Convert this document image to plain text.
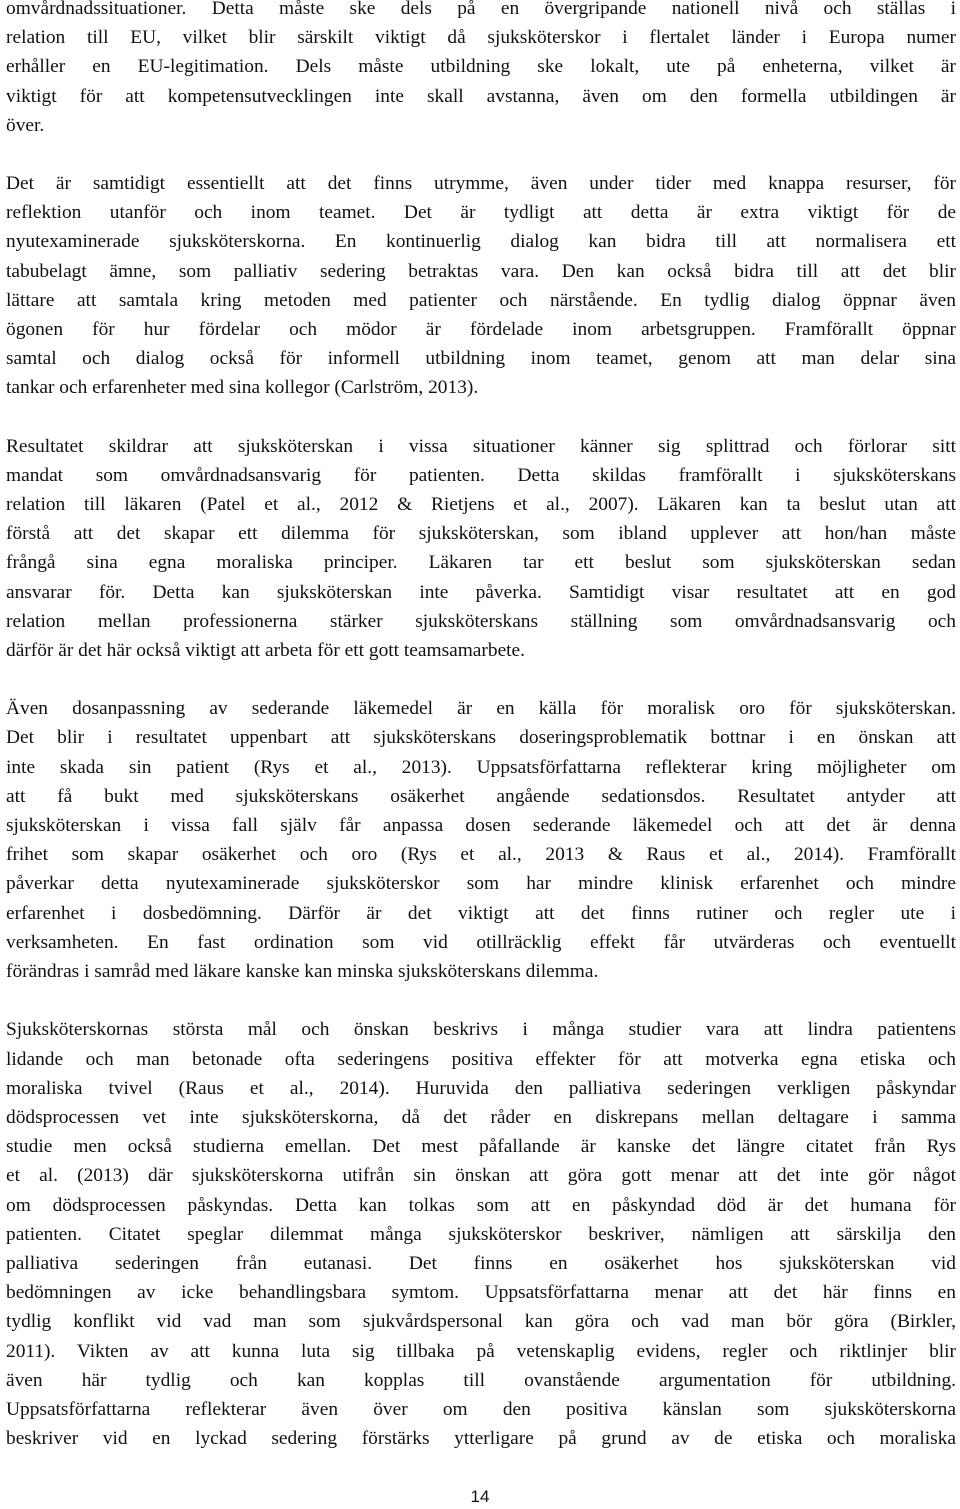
omvårdnadssituationer. Detta måste ske dels på en övergripande nationell nivå och ställas i
relation till EU, vilket blir särskilt viktigt då sjuksköterskor i flertalet länder i Europa numer
erhåller en EU-legitimation. Dels måste utbildning ske lokalt, ute på enheterna, vilket är
viktigt för att kompetensutvecklingen inte skall avstanna, även om den formella utbildingen är
över.
Det är samtidigt essentiellt att det finns utrymme, även under tider med knappa resurser, för
reflektion utanför och inom teamet. Det är tydligt att detta är extra viktigt för de
nyutexaminerade sjuksköterskorna. En kontinuerlig dialog kan bidra till att normalisera ett
tabubelagt ämne, som palliativ sedering betraktas vara. Den kan också bidra till att det blir
lättare att samtala kring metoden med patienter och närstående. En tydlig dialog öppnar även
ögonen för hur fördelar och mödor är fördelade inom arbetsgruppen. Framförallt öppnar
samtal och dialog också för informell utbildning inom teamet, genom att man delar sina
tankar och erfarenheter med sina kollegor (Carlström, 2013).
Resultatet skildrar att sjuksköterskan i vissa situationer känner sig splittrad och förlorar sitt
mandat som omvårdnadsansvarig för patienten. Detta skildas framförallt i sjuksköterskans
relation till läkaren (Patel et al., 2012 & Rietjens et al., 2007). Läkaren kan ta beslut utan att
förstå att det skapar ett dilemma för sjuksköterskan, som ibland upplever att hon/han måste
frångå sina egna moraliska principer. Läkaren tar ett beslut som sjuksköterskan sedan
ansvarar för. Detta kan sjuksköterskan inte påverka. Samtidigt visar resultatet att en god
relation mellan professionerna stärker sjuksköterskans ställning som omvårdnadsansvarig och
därför är det här också viktigt att arbeta för ett gott teamsamarbete.
Även dosanpassning av sederande läkemedel är en källa för moralisk oro för sjuksköterskan.
Det blir i resultatet uppenbart att sjuksköterskans doseringsproblematik bottnar i en önskan att
inte skada sin patient (Rys et al., 2013). Uppsatsförfattarna reflekterar kring möjligheter om
att få bukt med sjuksköterskans osäkerhet angående sedationsdos. Resultatet antyder att
sjuksköterskan i vissa fall själv får anpassa dosen sederande läkemedel och att det är denna
frihet som skapar osäkerhet och oro (Rys et al., 2013 & Raus et al., 2014). Framförallt
påverkar detta nyutexaminerade sjuksköterskor som har mindre klinisk erfarenhet och mindre
erfarenhet i dosbedömning. Därför är det viktigt att det finns rutiner och regler ute i
verksamheten. En fast ordination som vid otillräcklig effekt får utvärderas och eventuellt
förändras i samråd med läkare kanske kan minska sjuksköterskans dilemma.
Sjuksköterskornas största mål och önskan beskrivs i många studier vara att lindra patientens
lidande och man betonade ofta sederingens positiva effekter för att motverka egna etiska och
moraliska tvivel (Raus et al., 2014). Huruvida den palliativa sederingen verkligen påskyndar
dödsprocessen vet inte sjuksköterskorna, då det råder en diskrepans mellan deltagare i samma
studie men också studierna emellan. Det mest påfallande är kanske det längre citatet från Rys
et al. (2013) där sjuksköterskorna utifrån sin önskan att göra gott menar att det inte gör något
om dödsprocessen påskyndas. Detta kan tolkas som att en påskyndad död är det humana för
patienten. Citatet speglar dilemmat många sjuksköterskor beskriver, nämligen att särskilja den
palliativa sederingen från eutanasi. Det finns en osäkerhet hos sjuksköterskan vid
bedömningen av icke behandlingsbara symtom. Uppsatsförfattarna menar att det här finns en
tydlig konflikt vid vad man som sjukvårdspersonal kan göra och vad man bör göra (Birkler,
2011). Vikten av att kunna luta sig tillbaka på vetenskaplig evidens, regler och riktlinjer blir
även här tydlig och kan kopplas till ovanstående argumentation för utbildning.
Uppsatsförfattarna reflekterar även över om den positiva känslan som sjuksköterskorna
beskriver vid en lyckad sedering förstärks ytterligare på grund av de etiska och moraliska
14
